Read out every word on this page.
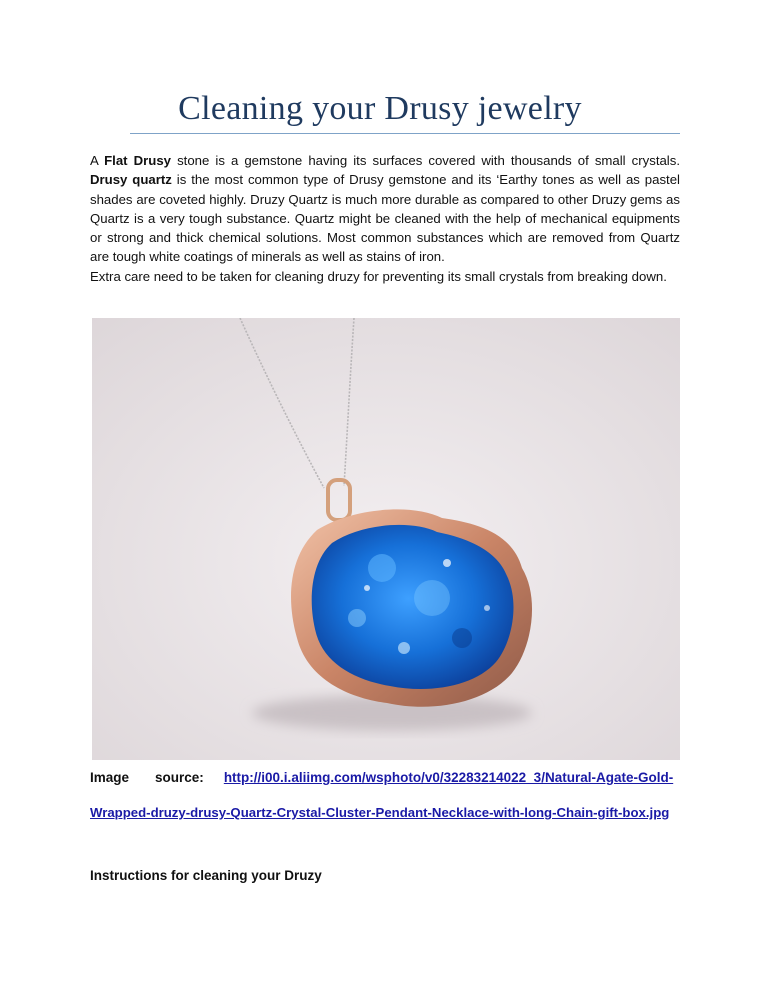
Cleaning your Drusy jewelry

A Flat Drusy stone is a gemstone having its surfaces covered with thousands of small crystals. Drusy quartz is the most common type of Drusy gemstone and its ‘Earthy tones as well as pastel shades are coveted highly. Druzy Quartz is much more durable as compared to other Druzy gems as Quartz is a very tough substance. Quartz might be cleaned with the help of mechanical equipments or strong and thick chemical solutions. Most common substances which are removed from Quartz are tough white coatings of minerals as well as stains of iron.

Extra care need to be taken for cleaning druzy for preventing its small crystals from breaking down.

Image source: http://i00.i.aliimg.com/wsphoto/v0/32283214022_3/Natural-Agate-Gold-
Wrapped-druzy-drusy-Quartz-Crystal-Cluster-Pendant-Necklace-with-long-Chain-gift-box.jpg
Instructions for cleaning your Druzy
